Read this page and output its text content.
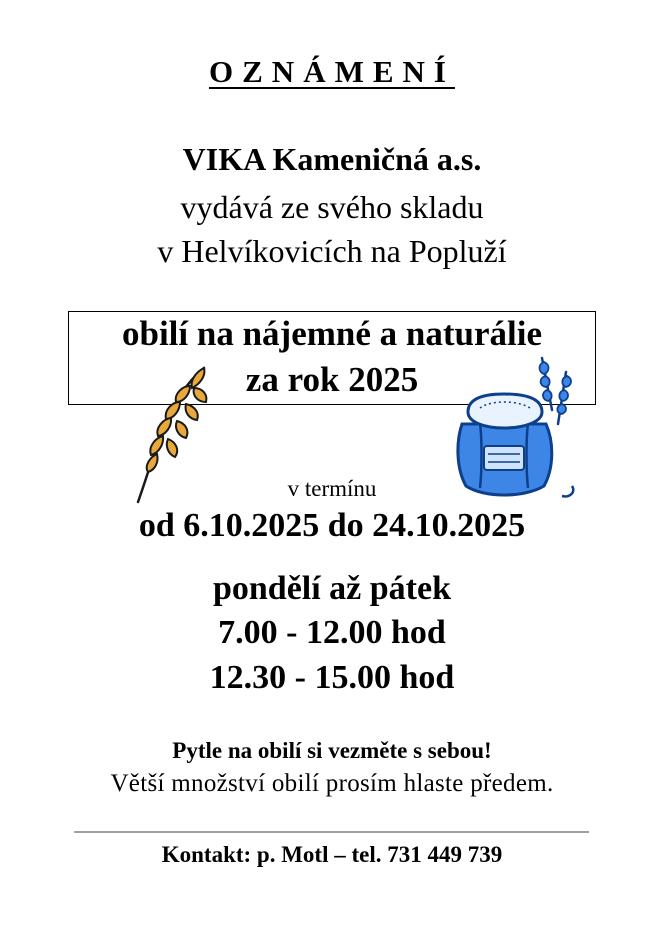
OZNÁMENÍ
VIKA Kameničná a.s.
vydává ze svého skladu
v Helvíkovicích na Popluží
obilí na nájemné a naturálie
za rok 2025
v termínu
od 6.10.2025 do 24.10.2025
pondělí až pátek
7.00 - 12.00 hod
12.30 - 15.00 hod
Pytle na obilí si vezměte s sebou!
Větší množství obilí prosím hlaste předem.
Kontakt: p. Motl – tel. 731 449 739
